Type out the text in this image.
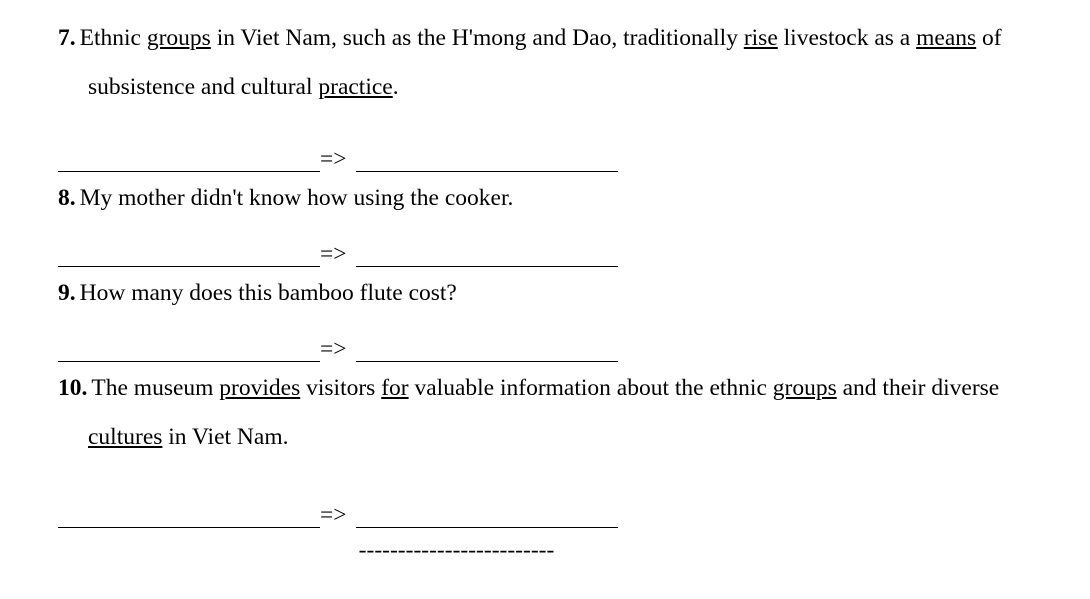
7. Ethnic groups in Viet Nam, such as the H'mong and Dao, traditionally rise livestock as a means of subsistence and cultural practice.

=>

8. My mother didn't know how using the cooker.

=>

9. How many does this bamboo flute cost?

=>

10. The museum provides visitors for valuable information about the ethnic groups and their diverse cultures in Viet Nam.

=>
-------------------------
